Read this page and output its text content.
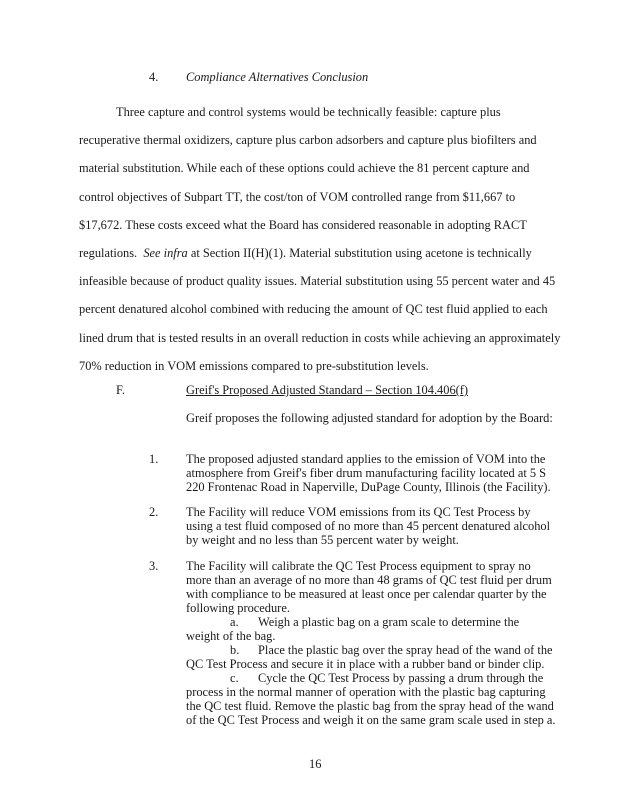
4. Compliance Alternatives Conclusion
Three capture and control systems would be technically feasible: capture plus
recuperative thermal oxidizers, capture plus carbon adsorbers and capture plus biofilters and
material substitution. While each of these options could achieve the 81 percent capture and
control objectives of Subpart TT, the cost/ton of VOM controlled range from $11,667 to
$17,672. These costs exceed what the Board has considered reasonable in adopting RACT
regulations. See infra at Section II(H)(1). Material substitution using acetone is technically
infeasible because of product quality issues. Material substitution using 55 percent water and 45
percent denatured alcohol combined with reducing the amount of QC test fluid applied to each
lined drum that is tested results in an overall reduction in costs while achieving an approximately
70% reduction in VOM emissions compared to pre-substitution levels.
F.	Greif's Proposed Adjusted Standard – Section 104.406(f)
Greif proposes the following adjusted standard for adoption by the Board:
1. The proposed adjusted standard applies to the emission of VOM into the
atmosphere from Greif's fiber drum manufacturing facility located at 5 S
220 Frontenac Road in Naperville, DuPage County, Illinois (the Facility).
2. The Facility will reduce VOM emissions from its QC Test Process by
using a test fluid composed of no more than 45 percent denatured alcohol
by weight and no less than 55 percent water by weight.
3. The Facility will calibrate the QC Test Process equipment to spray no
more than an average of no more than 48 grams of QC test fluid per drum
with compliance to be measured at least once per calendar quarter by the
following procedure.
a. Weigh a plastic bag on a gram scale to determine the
weight of the bag.
b. Place the plastic bag over the spray head of the wand of the
QC Test Process and secure it in place with a rubber band or binder clip.
c. Cycle the QC Test Process by passing a drum through the
process in the normal manner of operation with the plastic bag capturing
the QC test fluid. Remove the plastic bag from the spray head of the wand
of the QC Test Process and weigh it on the same gram scale used in step a.
16
